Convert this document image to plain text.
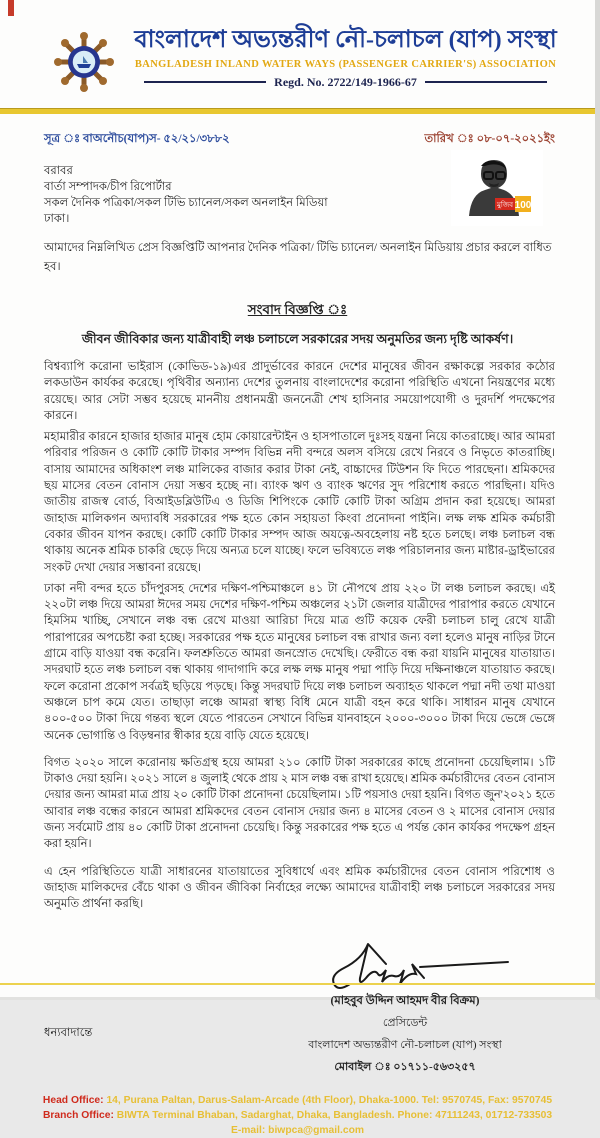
বাংলাদেশ অভ্যন্তরীণ নৌ-চলাচল (যাপ) সংস্থা
BANGLADESH INLAND WATER WAYS (PASSENGER CARRIER'S) ASSOCIATION
Regd. No. 2722/149-1966-67
সূত্র ঃ বাঅনৌচ(যাপ)স- ৫২/২১/৩৮৮২	তারিখ ঃ ০৮-০৭-২০২১ইং
বরাবর
বার্তা সম্পাদক/চীপ রিপোর্টার
সকল দৈনিক পত্রিকা/সকল টিভি চ্যানেল/সকল অনলাইন মিডিয়া
ঢাকা।
100
মুজিব
আমাদের নিম্নলিখিত প্রেস বিজ্ঞপ্তিটি আপনার দৈনিক পত্রিকা/ টিভি চ্যানেল/ অনলাইন মিডিয়ায় প্রচার করলে বাধিত হব।
সংবাদ বিজ্ঞপ্তি ঃ
জীবন জীবিকার জন্য যাত্রীবাহী লঞ্চ চলাচলে সরকারের সদয় অনুমতির জন্য দৃষ্টি আকর্ষণ।

বিশ্বব্যাপি করোনা ভাইরাস (কোভিড-১৯)এর প্রাদুর্ভাবের কারনে দেশের মানুষের জীবন রক্ষাকল্পে সরকার কঠোর লকডাউন কার্যকর করেছে। পৃথিবীর অন্যান্য দেশের তুলনায় বাংলাদেশের করোনা পরিস্থিতি এখনো নিয়ন্ত্রণের মধ্যে রয়েছে। আর সেটা সম্ভব হয়েছে মাননীয় প্রধানমন্ত্রী জননেত্রী শেখ হাসিনার সময়োপযোগী ও দুরদর্শি পদক্ষেপের কারনে।

মহামারীর কারনে হাজার হাজার মানুষ হোম কোয়ারেন্টাইন ও হাসপাতালে দুঃসহ যন্ত্রনা নিয়ে কাতরাচ্ছে। আর আমরা পরিবার পরিজন ও কোটি কোটি টাকার সম্পদ বিভিন্ন নদী বন্দরে অলস বসিয়ে রেখে নিরবে ও নিভৃতে কাতরাচ্ছি। বাসায় আমাদের অধিকাংশ লঞ্চ মালিকের বাজার করার টাকা নেই, বাচ্চাদের টিউশন ফি দিতে পারছেনা। শ্রমিকদের ছয় মাসের বেতন বোনাস দেয়া সম্ভব হচ্ছে না। ব্যাংক ঋণ ও ব্যাংক ঋণের সুদ পরিশোধ করতে পারছিনা। যদিও জাতীয় রাজস্ব বোর্ড, বিআইডব্লিউটিএ ও ডিজি শিপিংকে কোটি কোটি টাকা অগ্রিম প্রদান করা হয়েছে। আমরা জাহাজ মালিকগন অদ্যাবধি সরকারের পক্ষ হতে কোন সহায়তা কিংবা প্রনোদনা পাইনি। লক্ষ লক্ষ শ্রমিক কর্মচারী বেকার জীবন যাপন করছে। কোটি কোটি টাকার সম্পদ আজ অযত্নে-অবহেলায় নষ্ট হতে চলছে। লঞ্চ চলাচল বন্ধ থাকায় অনেক শ্রমিক চাকরি ছেড়ে দিয়ে অন্যত্র চলে যাচ্ছে। ফলে ভবিষ্যতে লঞ্চ পরিচালনার জন্য মাষ্টার-ড্রাইভারের সংকট দেখা দেয়ার সম্ভাবনা রয়েছে।

ঢাকা নদী বন্দর হতে চাঁদপুরসহ দেশের দক্ষিণ-পশ্চিমাঞ্চলে ৪১ টা নৌপথে প্রায় ২২০ টা লঞ্চ চলাচল করছে। এই ২২০টা লঞ্চ দিয়ে আমরা ঈদের সময় দেশের দক্ষিণ-পশ্চিম অঞ্চলের ২১টা জেলার যাত্রীদের পারাপার করতে যেখানে হিমসিম খাচ্ছি, সেখানে লঞ্চ বন্ধ রেখে মাওয়া আরিচা দিয়ে মাত্র গুটি কয়েক ফেরী চলাচল চালু রেখে যাত্রী পারাপারের অপচেষ্টা করা হচ্ছে। সরকারের পক্ষ হতে মানুষের চলাচল বন্ধ রাখার জন্য বলা হলেও মানুষ নাড়ির টানে গ্রামে বাড়ি যাওয়া বন্ধ করেনি। ফলশ্রুতিতে আমরা জনস্রোত দেখেছি। ফেরীতে বন্ধ করা যায়নি মানুষের যাতায়াত। সদরঘাট হতে লঞ্চ চলাচল বন্ধ থাকায় গাদাগাদি করে লক্ষ লক্ষ মানুষ পদ্মা পাড়ি দিয়ে দক্ষিনাঞ্চলে যাতায়াত করছে। ফলে করোনা প্রকোপ সর্বত্রই ছড়িয়ে পড়ছে। কিন্তু সদরঘাট দিয়ে লঞ্চ চলাচল অব্যাহত থাকলে পদ্মা নদী তথা মাওয়া অঞ্চলে চাপ কমে যেত। তাছাড়া লঞ্চে আমরা স্বাস্থ্য বিধি মেনে যাত্রী বহন করে থাকি। সাধারন মানুষ যেখানে ৪০০-৫০০ টাকা দিয়ে গন্তব্য স্থলে যেতে পারতেন সেখানে বিভিন্ন যানবাহনে ২০০০-৩০০০ টাকা দিয়ে ভেঙ্গে ভেঙ্গে অনেক ভোগান্তি ও বিড়ম্বনার স্বীকার হয়ে বাড়ি যেতে হয়েছে।

বিগত ২০২০ সালে করোনায় ক্ষতিগ্রস্থ হয়ে আমরা ২১০ কোটি টাকা সরকারের কাছে প্রনোদনা চেয়েছিলাম। ১টি টাকাও দেয়া হয়নি। ২০২১ সালে ৪ জুলাই থেকে প্রায় ২ মাস লঞ্চ বন্ধ রাখা হয়েছে। শ্রমিক কর্মচারীদের বেতন বোনাস দেয়ার জন্য আমরা মাত্র প্রায় ২০ কোটি টাকা প্রনোদনা চেয়েছিলাম। ১টি পয়সাও দেয়া হয়নি। বিগত জুন'২০২১ হতে আবার লঞ্চ বন্ধের কারনে আমরা শ্রমিকদের বেতন বোনাস দেয়ার জন্য ৪ মাসের বেতন ও ২ মাসের বোনাস দেয়ার জন্য সর্বমোট প্রায় ৪০ কোটি টাকা প্রনোদনা চেয়েছি। কিন্তু সরকারের পক্ষ হতে এ পর্যন্ত কোন কার্যকর পদক্ষেপ গ্রহন করা হয়নি।

এ হেন পরিস্থিতিতে যাত্রী সাধারনের যাতায়াতের সুবিধার্থে এবং শ্রমিক কর্মচারীদের বেতন বোনাস পরিশোধ ও জাহাজ মালিকদের বেঁচে থাকা ও জীবন জীবিকা নির্বাহের লক্ষ্যে আমাদের যাত্রীবাহী লঞ্চ চলাচলে সরকারের সদয় অনুমতি প্রার্থনা করছি।

ধন্যবাদান্তে
(মাহবুব উদ্দিন আহমদ বীর বিক্রম)
প্রেসিডেন্ট
বাংলাদেশ অভ্যন্তরীণ নৌ-চলাচল (যাপ) সংস্থা
মোবাইল ঃ ০১৭১১-৫৬৩২৫৭
Head Office: 14, Purana Paltan, Darus-Salam-Arcade (4th Floor), Dhaka-1000. Tel: 9570745, Fax: 9570745
Branch Office: BIWTA Terminal Bhaban, Sadarghat, Dhaka, Bangladesh. Phone: 47111243, 01712-733503
E-mail: biwpca@gmail.com
